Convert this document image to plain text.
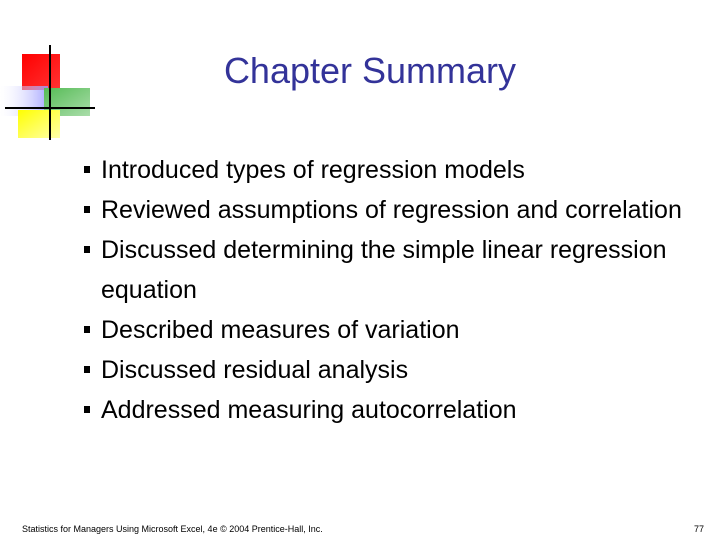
Chapter Summary
Introduced types of regression models
Reviewed assumptions of regression and correlation
Discussed determining the simple linear regression equation
Described measures of variation
Discussed residual analysis
Addressed measuring autocorrelation
Statistics for Managers Using Microsoft Excel, 4e © 2004 Prentice-Hall, Inc.	77
